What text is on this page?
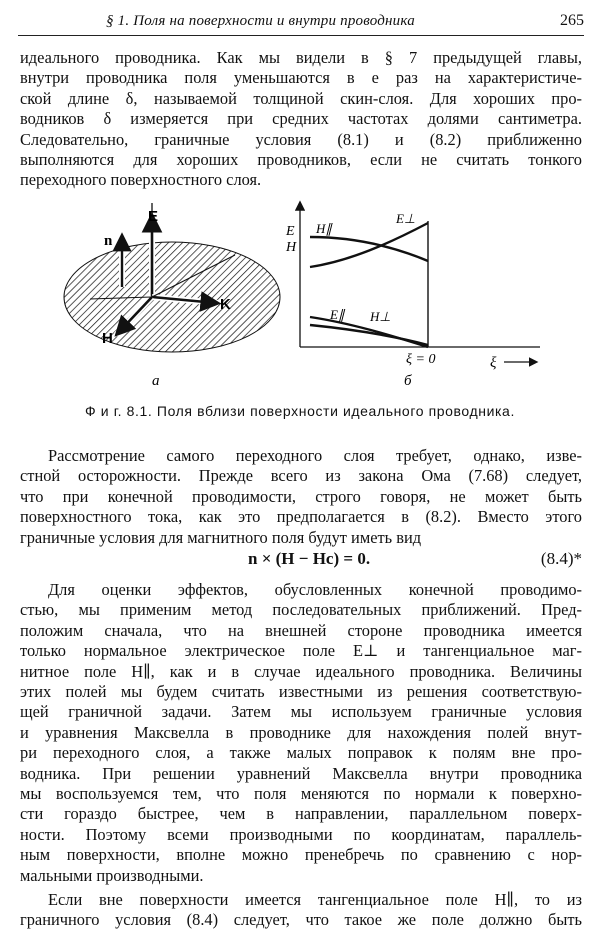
§ 1. Поля на поверхности и внутри проводника	265
идеального проводника. Как мы видели в § 7 предыдущей главы,
внутри проводника поля уменьшаются в e раз на характеристиче-
ской длине δ, называемой толщиной скин-слоя. Для хороших про-
водников δ измеряется при средних частотах долями сантиметра.
Следовательно, граничные условия (8.1) и (8.2) приближенно
выполняются для хороших проводников, если не считать тонкого
переходного поверхностного слоя.
n
E
K
H
а
E
H
H∥
E⊥
E∥ H⊥
ξ = 0	ξ
б
Ф и г. 8.1. Поля вблизи поверхности идеального проводника.
Рассмотрение самого переходного слоя требует, однако, изве-
стной осторожности. Прежде всего из закона Ома (7.68) следует,
что при конечной проводимости, строго говоря, не может быть
поверхностного тока, как это предполагается в (8.2). Вместо этого
граничные условия для магнитного поля будут иметь вид
n × (H − Hc) = 0.	(8.4)*
Для оценки эффектов, обусловленных конечной проводимо-
стью, мы применим метод последовательных приближений. Пред-
положим сначала, что на внешней стороне проводника имеется
только нормальное электрическое поле E⊥ и тангенциальное маг-
нитное поле H∥, как и в случае идеального проводника. Величины
этих полей мы будем считать известными из решения соответствую-
щей граничной задачи. Затем мы используем граничные условия
и уравнения Максвелла в проводнике для нахождения полей внут-
ри переходного слоя, а также малых поправок к полям вне про-
водника. При решении уравнений Максвелла внутри проводника
мы воспользуемся тем, что поля меняются по нормали к поверхно-
сти гораздо быстрее, чем в направлении, параллельном поверх-
ности. Поэтому всеми производными по координатам, параллель-
ным поверхности, вполне можно пренебречь по сравнению с нор-
мальными производными.
Если вне поверхности имеется тангенциальное поле H∥, то из
граничного условия (8.4) следует, что такое же поле должно быть
